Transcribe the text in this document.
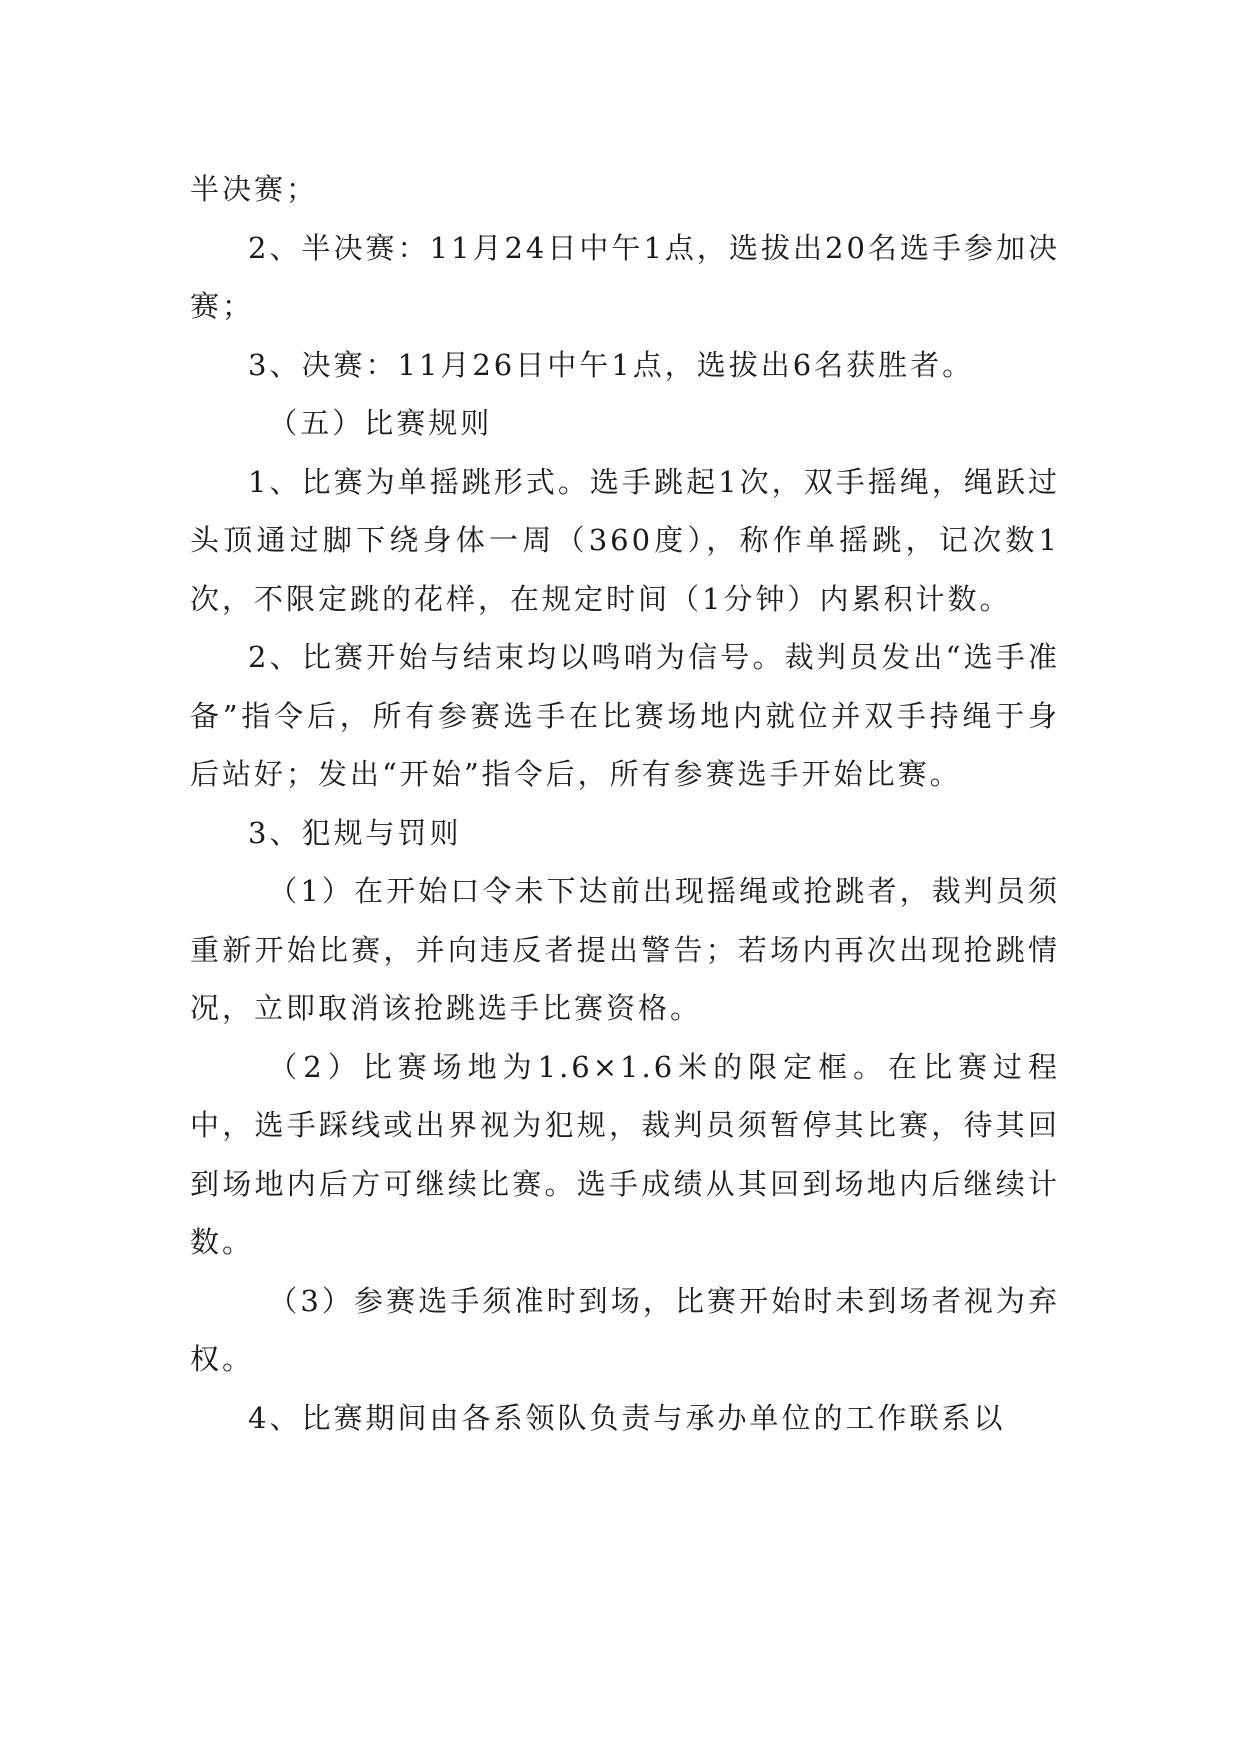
半决赛；

2、半决赛：11月24日中午1点，选拔出20名选手参加决赛；

3、决赛：11月26日中午1点，选拔出6名获胜者。

（五）比赛规则

1、比赛为单摇跳形式。选手跳起1次，双手摇绳，绳跃过头顶通过脚下绕身体一周（360度），称作单摇跳，记次数1次，不限定跳的花样，在规定时间（1分钟）内累积计数。

2、比赛开始与结束均以鸣哨为信号。裁判员发出“选手准备”指令后，所有参赛选手在比赛场地内就位并双手持绳于身后站好；发出“开始”指令后，所有参赛选手开始比赛。

3、犯规与罚则

（1）在开始口令未下达前出现摇绳或抢跳者，裁判员须重新开始比赛，并向违反者提出警告；若场内再次出现抢跳情况，立即取消该抢跳选手比赛资格。

（2）比赛场地为1.6×1.6米的限定框。在比赛过程中，选手踩线或出界视为犯规，裁判员须暂停其比赛，待其回到场地内后方可继续比赛。选手成绩从其回到场地内后继续计数。

（3）参赛选手须准时到场，比赛开始时未到场者视为弃权。

4、比赛期间由各系领队负责与承办单位的工作联系以
